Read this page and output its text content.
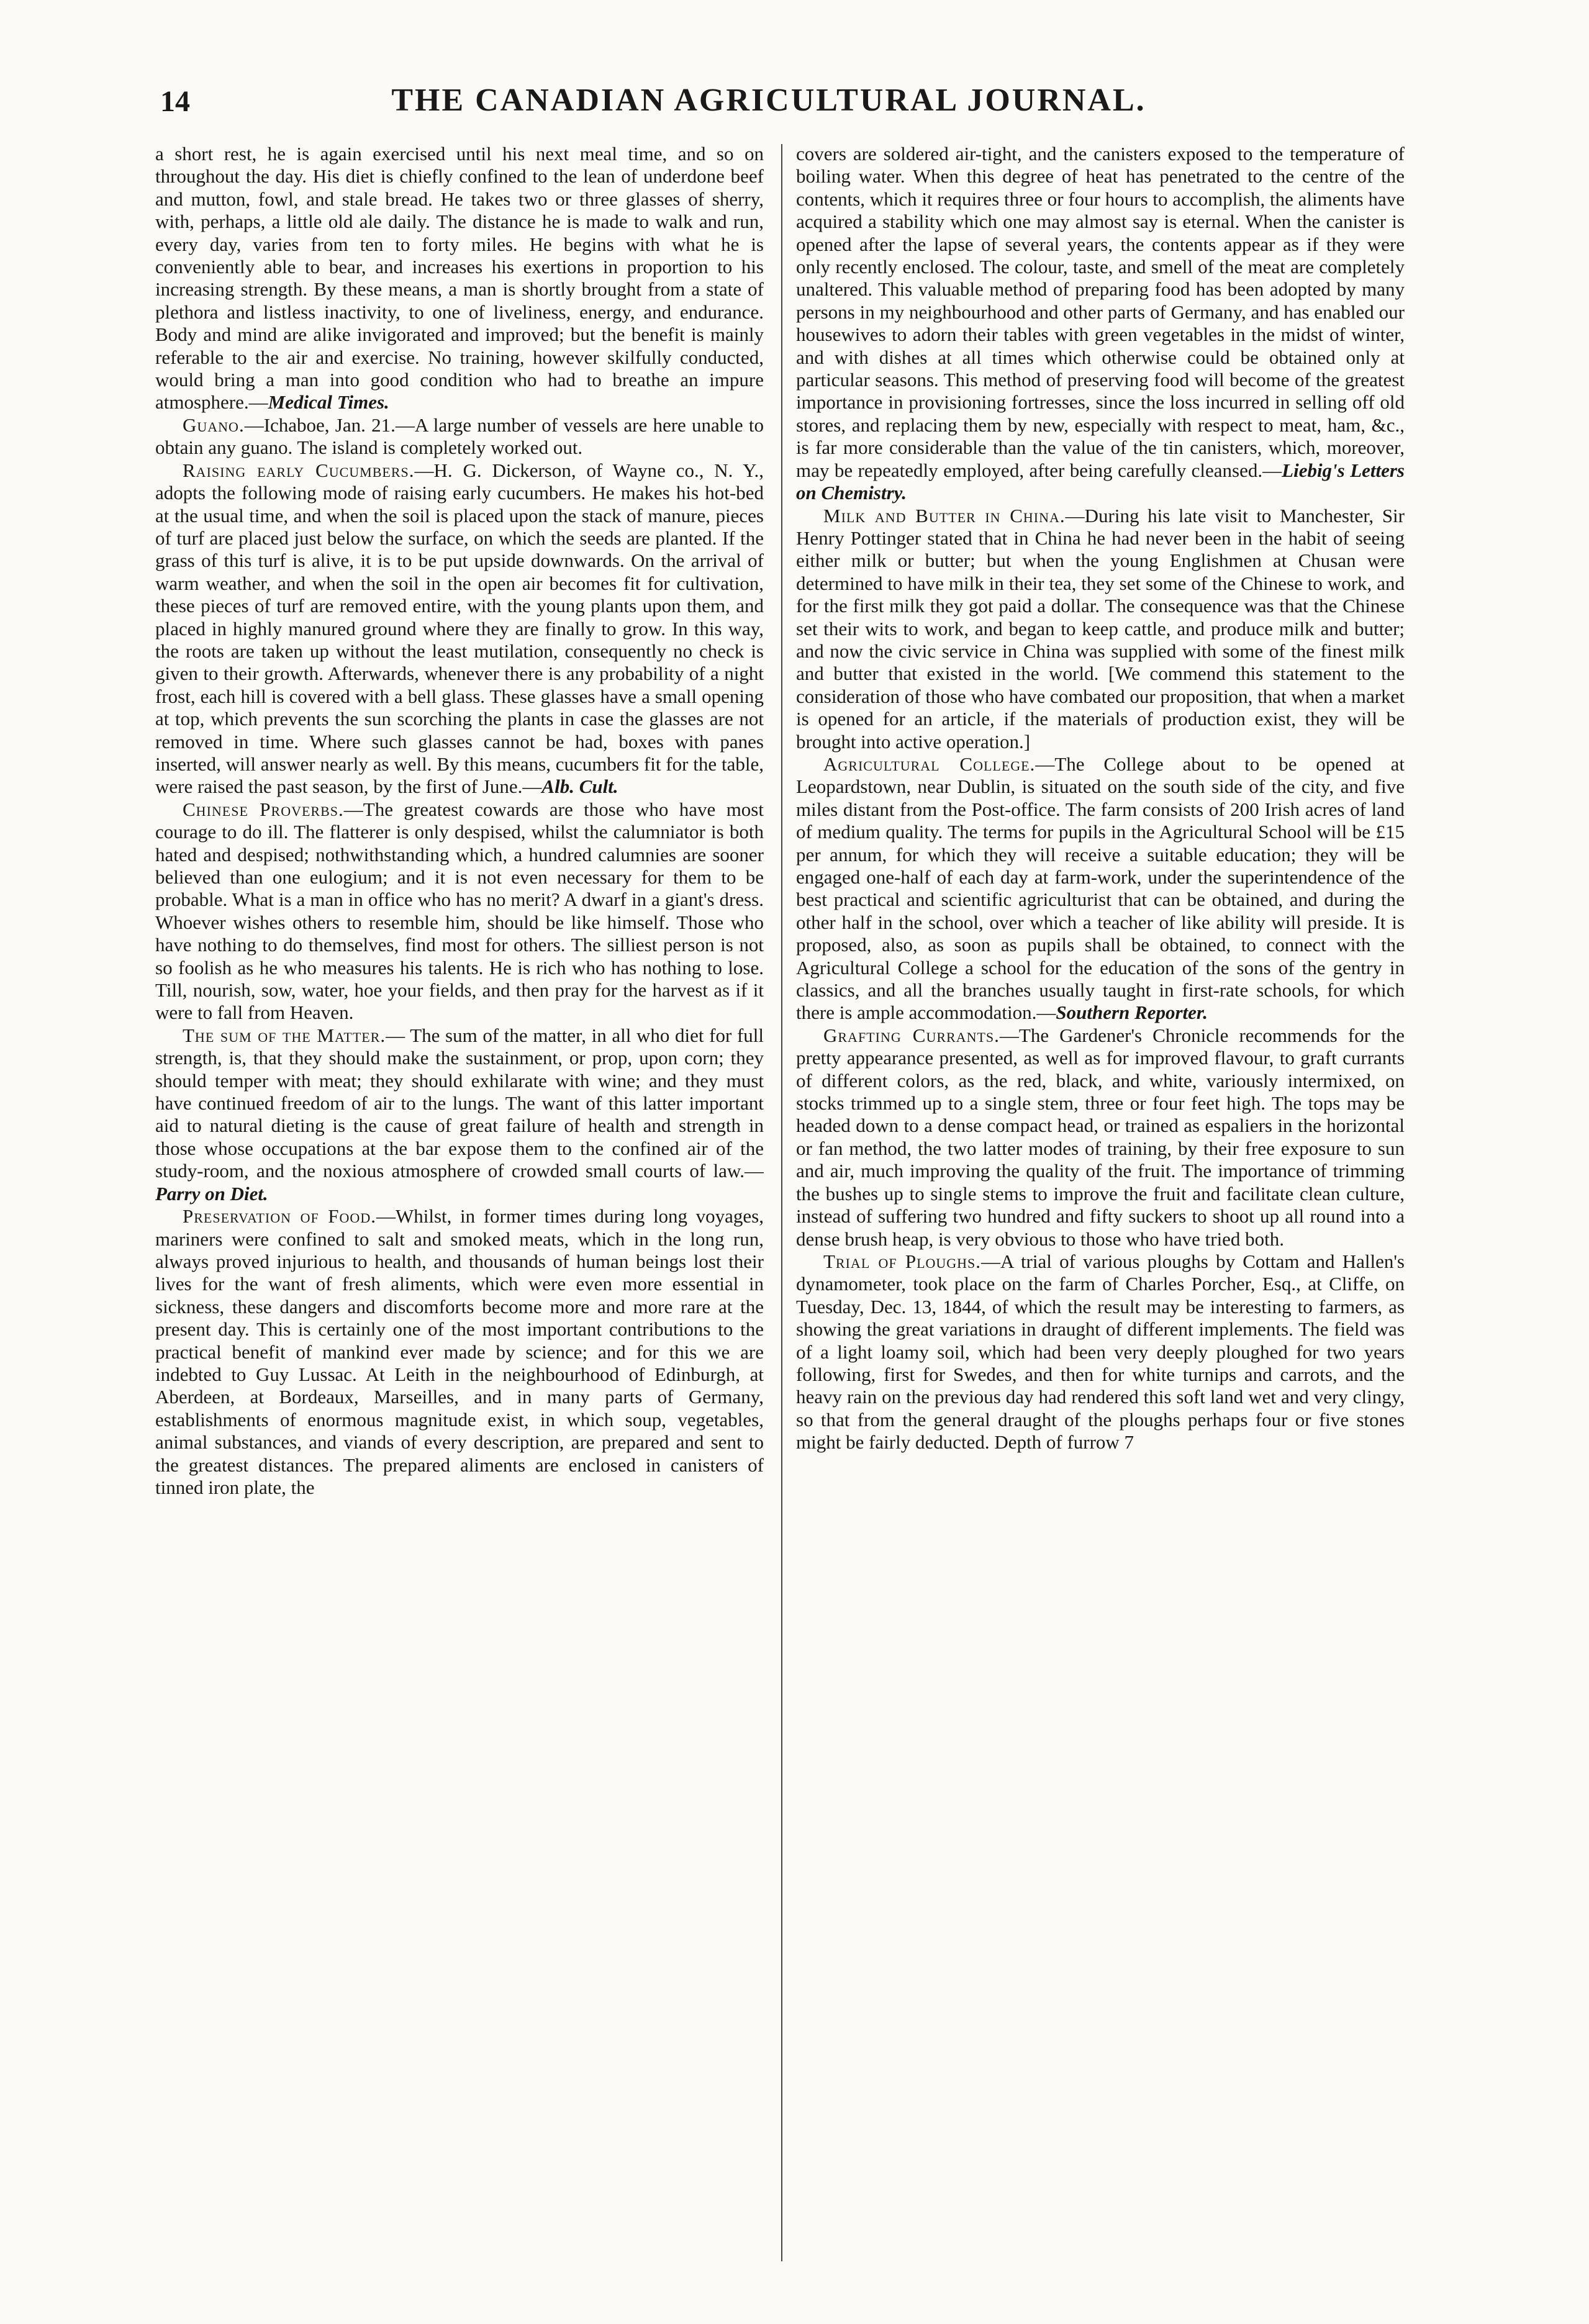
14	THE CANADIAN AGRICULTURAL JOURNAL.

a short rest, he is again exercised until his next meal time, and so on throughout the day. His diet is chiefly confined to the lean of underdone beef and mutton, fowl, and stale bread. He takes two or three glasses of sherry, with, perhaps, a little old ale daily. The distance he is made to walk and run, every day, varies from ten to forty miles. He begins with what he is conveniently able to bear, and increases his exertions in proportion to his increasing strength. By these means, a man is shortly brought from a state of plethora and listless inactivity, to one of liveliness, energy, and endurance. Body and mind are alike invigorated and improved; but the benefit is mainly referable to the air and exercise. No training, however skilfully conducted, would bring a man into good condition who had to breathe an impure atmosphere.—Medical Times.

Guano.—Ichaboe, Jan. 21.—A large number of vessels are here unable to obtain any guano. The island is completely worked out.

Raising early Cucumbers.—H. G. Dickerson, of Wayne co., N. Y., adopts the following mode of raising early cucumbers. He makes his hot-bed at the usual time, and when the soil is placed upon the stack of manure, pieces of turf are placed just below the surface, on which the seeds are planted. If the grass of this turf is alive, it is to be put upside downwards. On the arrival of warm weather, and when the soil in the open air becomes fit for cultivation, these pieces of turf are removed entire, with the young plants upon them, and placed in highly manured ground where they are finally to grow. In this way, the roots are taken up without the least mutilation, consequently no check is given to their growth. Afterwards, whenever there is any probability of a night frost, each hill is covered with a bell glass. These glasses have a small opening at top, which prevents the sun scorching the plants in case the glasses are not removed in time. Where such glasses cannot be had, boxes with panes inserted, will answer nearly as well. By this means, cucumbers fit for the table, were raised the past season, by the first of June.—Alb. Cult.

Chinese Proverbs.—The greatest cowards are those who have most courage to do ill. The flatterer is only despised, whilst the calumniator is both hated and despised; nothwithstanding which, a hundred calumnies are sooner believed than one eulogium; and it is not even necessary for them to be probable. What is a man in office who has no merit? A dwarf in a giant's dress. Whoever wishes others to resemble him, should be like himself. Those who have nothing to do themselves, find most for others. The silliest person is not so foolish as he who measures his talents. He is rich who has nothing to lose. Till, nourish, sow, water, hoe your fields, and then pray for the harvest as if it were to fall from Heaven.

The sum of the Matter.— The sum of the matter, in all who diet for full strength, is, that they should make the sustainment, or prop, upon corn; they should temper with meat; they should exhilarate with wine; and they must have continued freedom of air to the lungs. The want of this latter important aid to natural dieting is the cause of great failure of health and strength in those whose occupations at the bar expose them to the confined air of the study-room, and the noxious atmosphere of crowded small courts of law.—Parry on Diet.

Preservation of Food.—Whilst, in former times during long voyages, mariners were confined to salt and smoked meats, which in the long run, always proved injurious to health, and thousands of human beings lost their lives for the want of fresh aliments, which were even more essential in sickness, these dangers and discomforts become more and more rare at the present day. This is certainly one of the most important contributions to the practical benefit of mankind ever made by science; and for this we are indebted to Guy Lussac. At Leith in the neighbourhood of Edinburgh, at Aberdeen, at Bordeaux, Marseilles, and in many parts of Germany, establishments of enormous magnitude exist, in which soup, vegetables, animal substances, and viands of every description, are prepared and sent to the greatest distances. The prepared aliments are enclosed in canisters of tinned iron plate, the

covers are soldered air-tight, and the canisters exposed to the temperature of boiling water. When this degree of heat has penetrated to the centre of the contents, which it requires three or four hours to accomplish, the aliments have acquired a stability which one may almost say is eternal. When the canister is opened after the lapse of several years, the contents appear as if they were only recently enclosed. The colour, taste, and smell of the meat are completely unaltered. This valuable method of preparing food has been adopted by many persons in my neighbourhood and other parts of Germany, and has enabled our housewives to adorn their tables with green vegetables in the midst of winter, and with dishes at all times which otherwise could be obtained only at particular seasons. This method of preserving food will become of the greatest importance in provisioning fortresses, since the loss incurred in selling off old stores, and replacing them by new, especially with respect to meat, ham, &c., is far more considerable than the value of the tin canisters, which, moreover, may be repeatedly employed, after being carefully cleansed.—Liebig's Letters on Chemistry.

Milk and Butter in China.—During his late visit to Manchester, Sir Henry Pottinger stated that in China he had never been in the habit of seeing either milk or butter; but when the young Englishmen at Chusan were determined to have milk in their tea, they set some of the Chinese to work, and for the first milk they got paid a dollar. The consequence was that the Chinese set their wits to work, and began to keep cattle, and produce milk and butter; and now the civic service in China was supplied with some of the finest milk and butter that existed in the world. [We commend this statement to the consideration of those who have combated our proposition, that when a market is opened for an article, if the materials of production exist, they will be brought into active operation.]

Agricultural College.—The College about to be opened at Leopardstown, near Dublin, is situated on the south side of the city, and five miles distant from the Post-office. The farm consists of 200 Irish acres of land of medium quality. The terms for pupils in the Agricultural School will be £15 per annum, for which they will receive a suitable education; they will be engaged one-half of each day at farm-work, under the superintendence of the best practical and scientific agriculturist that can be obtained, and during the other half in the school, over which a teacher of like ability will preside. It is proposed, also, as soon as pupils shall be obtained, to connect with the Agricultural College a school for the education of the sons of the gentry in classics, and all the branches usually taught in first-rate schools, for which there is ample accommodation.—Southern Reporter.

Grafting Currants.—The Gardener's Chronicle recommends for the pretty appearance presented, as well as for improved flavour, to graft currants of different colors, as the red, black, and white, variously intermixed, on stocks trimmed up to a single stem, three or four feet high. The tops may be headed down to a dense compact head, or trained as espaliers in the horizontal or fan method, the two latter modes of training, by their free exposure to sun and air, much improving the quality of the fruit. The importance of trimming the bushes up to single stems to improve the fruit and facilitate clean culture, instead of suffering two hundred and fifty suckers to shoot up all round into a dense brush heap, is very obvious to those who have tried both.

Trial of Ploughs.—A trial of various ploughs by Cottam and Hallen's dynamometer, took place on the farm of Charles Porcher, Esq., at Cliffe, on Tuesday, Dec. 13, 1844, of which the result may be interesting to farmers, as showing the great variations in draught of different implements. The field was of a light loamy soil, which had been very deeply ploughed for two years following, first for Swedes, and then for white turnips and carrots, and the heavy rain on the previous day had rendered this soft land wet and very clingy, so that from the general draught of the ploughs perhaps four or five stones might be fairly deducted. Depth of furrow 7
